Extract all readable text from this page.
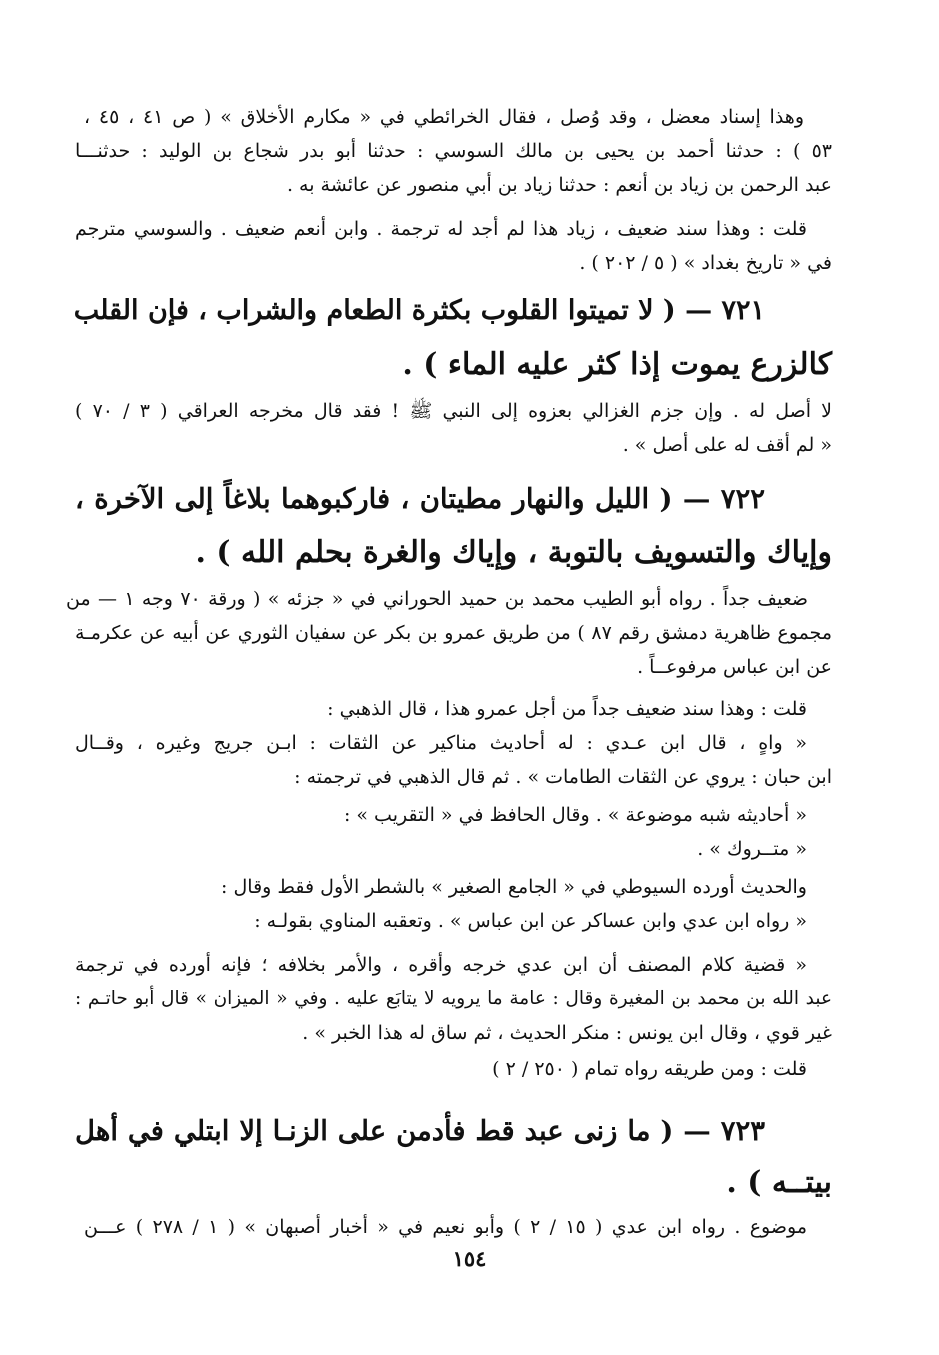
وهذا إسناد معضل ، وقد وُصل ، فقال الخرائطي في « مكارم الأخلاق » ( ص ٤١ ، ٤٥ ،
٥٣ ) : حدثنا أحمد بن يحيى بن مالك السوسي : حدثنا أبو بدر شجاع بن الوليد : حدثنـــا
عبد الرحمن بن زياد بن أنعم : حدثنا زياد بن أبي منصور عن عائشة به .
قلت : وهذا سند ضعيف ، زياد هذا لم أجد له ترجمة . وابن أنعم ضعيف . والسوسي مترجم
في « تاريخ بغداد » ( ٥ / ٢٠٢ ) .
٧٢١ — ( لا تميتوا القلوب بكثرة الطعام والشراب ، فإن القلب
كالزرع يموت إذا كثر عليه الماء ) .
لا أصل له . وإن جزم الغزالي بعزوه إلى النبي ﷺ ! فقد قال مخرجه العراقي ( ٣ / ٧٠ )
« لم أقف له على أصل » .
٧٢٢ — ( الليل والنهار مطيتان ، فاركبوهما بلاغاً إلى الآخرة ،
وإياك والتسويف بالتوبة ، وإياك والغرة بحلم الله ) .
ضعيف جداً . رواه أبو الطيب محمد بن حميد الحوراني في « جزئه » ( ورقة ٧٠ وجه ١ — من
مجموع ظاهرية دمشق رقم ٨٧ ) من طريق عمرو بن بكر عن سفيان الثوري عن أبيه عن عكرمـة
عن ابن عباس مرفوعــاً .
قلت : وهذا سند ضعيف جداً من أجل عمرو هذا ، قال الذهبي :
« واهٍ ، قال ابن عـدي : له أحاديث مناكير عن الثقات : ابـن جريج وغيره ، وقــال
ابن حبان : يروي عن الثقات الطامات » . ثم قال الذهبي في ترجمته :
« أحاديثه شبه موضوعة » . وقال الحافظ في « التقريب » :
« متــروك » .
والحديث أورده السيوطي في « الجامع الصغير » بالشطر الأول فقط وقال :
« رواه ابن عدي وابن عساكر عن ابن عباس » . وتعقبه المناوي بقولـه :
« قضية كلام المصنف أن ابن عدي خرجه وأقره ، والأمر بخلافه ؛ فإنه أورده في ترجمة
عبد الله بن محمد بن المغيرة وقال : عامة ما يرويه لا يتابَع عليه . وفي « الميزان » قال أبو حاتـم :
غير قوي ، وقال ابن يونس : منكر الحديث ، ثم ساق له هذا الخبر » .
قلت : ومن طريقه رواه تمام ( ٢٥٠ / ٢ )
٧٢٣ — ( ما زنى عبد قط فأدمن على الزنـا إلا ابتلي في أهل
بيتــه ) .
موضوع . رواه ابن عدي ( ١٥ / ٢ ) وأبو نعيم في « أخبار أصبهان » ( ١ / ٢٧٨ ) عـــن
١٥٤
